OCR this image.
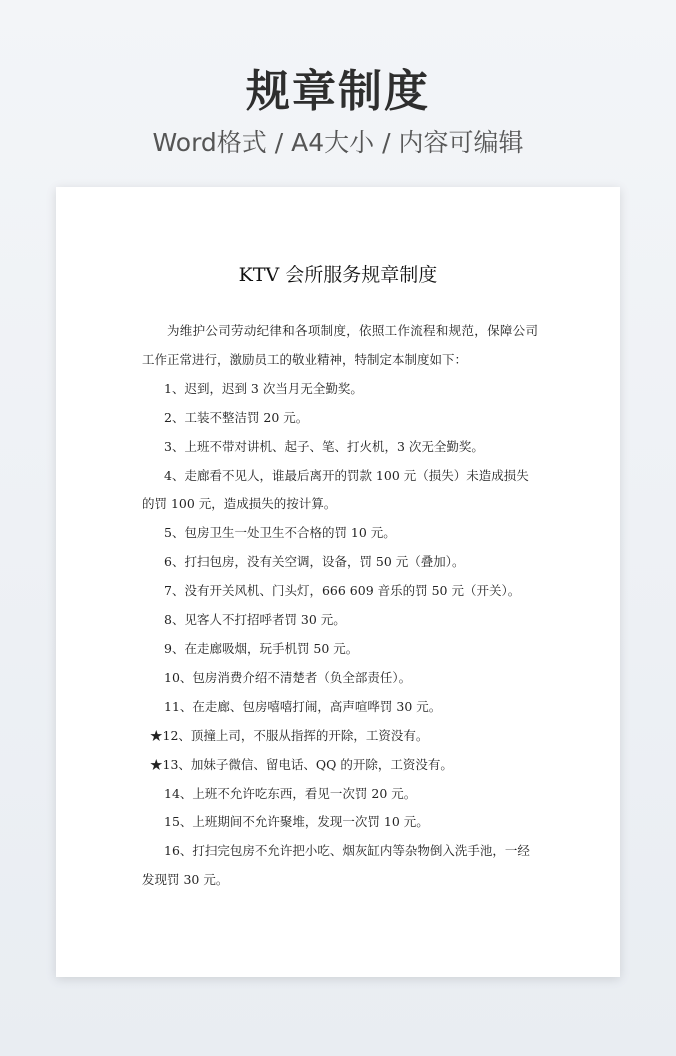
规章制度
Word格式 / A4大小 / 内容可编辑
KTV 会所服务规章制度

为维护公司劳动纪律和各项制度，依照工作流程和规范，保障公司工作正常进行，激励员工的敬业精神，特制定本制度如下：

1、迟到，迟到 3 次当月无全勤奖。

2、工装不整洁罚 20 元。

3、上班不带对讲机、起子、笔、打火机，3 次无全勤奖。

4、走廊看不见人，谁最后离开的罚款 100 元（损失）未造成损失的罚 100 元，造成损失的按计算。

5、包房卫生一处卫生不合格的罚 10 元。

6、打扫包房，没有关空调，设备，罚 50 元（叠加）。

7、没有开关风机、门头灯，666 609 音乐的罚 50 元（开关）。

8、见客人不打招呼者罚 30 元。

9、在走廊吸烟，玩手机罚 50 元。

10、包房消费介绍不清楚者（负全部责任）。

11、在走廊、包房嘻嘻打闹，高声喧哗罚 30 元。

★12、顶撞上司，不服从指挥的开除，工资没有。

★13、加妹子微信、留电话、QQ 的开除，工资没有。

14、上班不允许吃东西，看见一次罚 20 元。

15、上班期间不允许聚堆，发现一次罚 10 元。

16、打扫完包房不允许把小吃、烟灰缸内等杂物倒入洗手池，一经发现罚 30 元。
